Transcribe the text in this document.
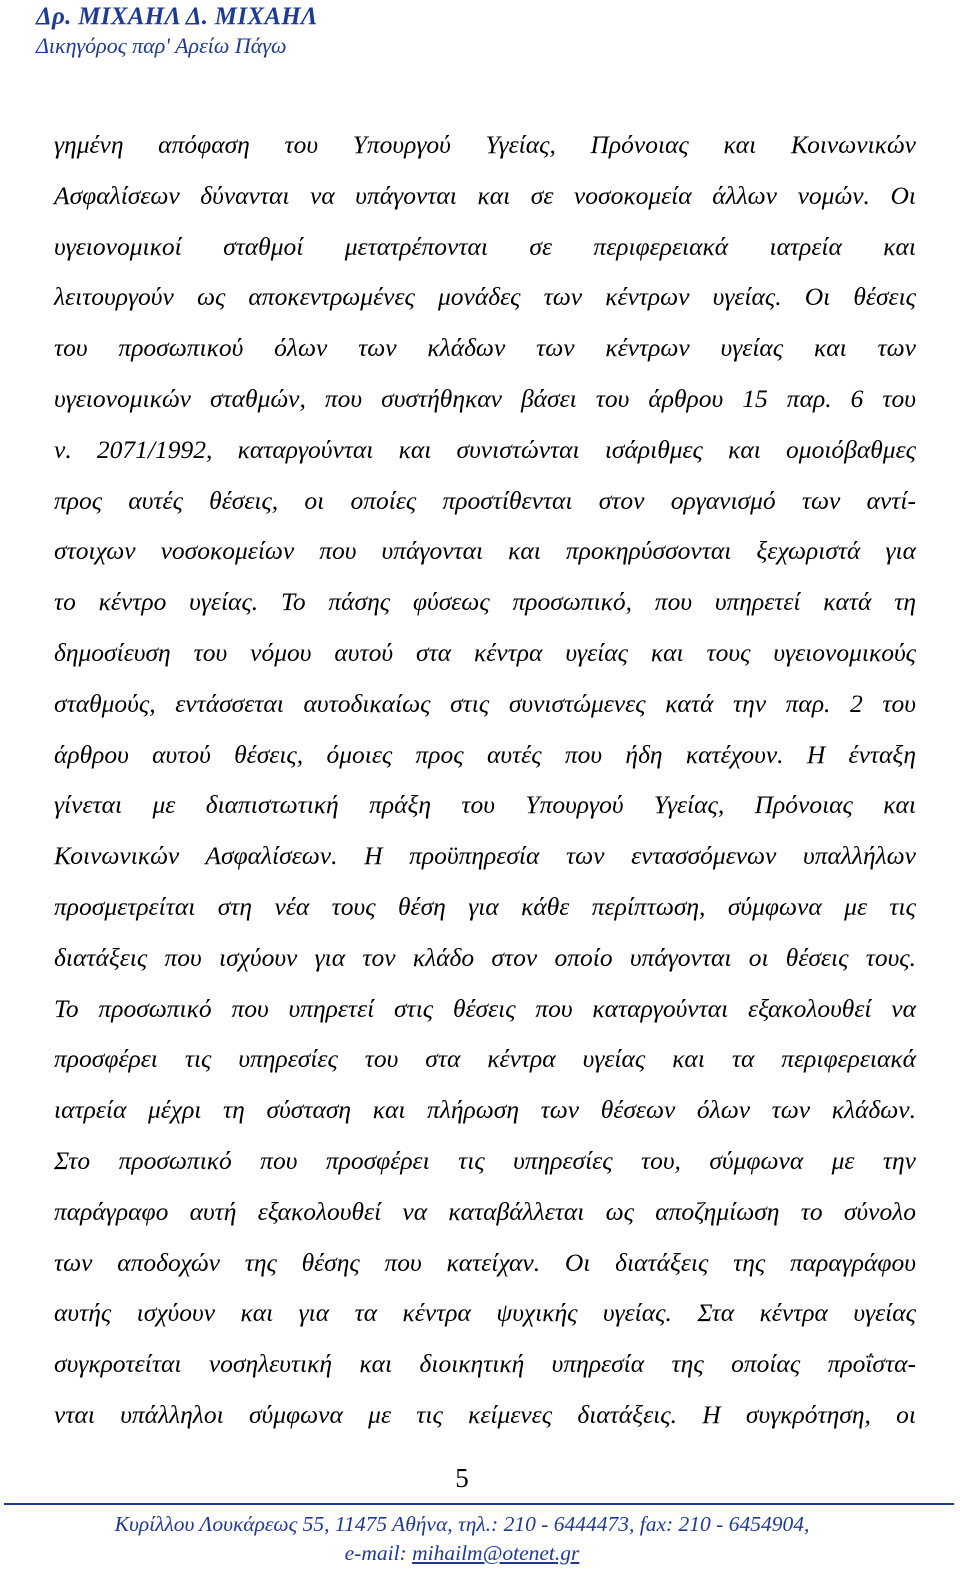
Δρ. ΜΙΧΑΗΛ Δ. ΜΙΧΑΗΛ
Δικηγόρος παρ' Αρείω Πάγω
γημένη απόφαση του Υπουργού Υγείας, Πρόνοιας και Κοινωνικών
Ασφαλίσεων δύνανται να υπάγονται και σε νοσοκομεία άλλων νομών. Οι
υγειονομικοί σταθμοί μετατρέπονται σε περιφερειακά ιατρεία και
λειτουργούν ως αποκεντρωμένες μονάδες των κέντρων υγείας. Οι θέσεις
του προσωπικού όλων των κλάδων των κέντρων υγείας και των
υγειονομικών σταθμών, που συστήθηκαν βάσει του άρθρου 15 παρ. 6 του
ν. 2071/1992, καταργούνται και συνιστώνται ισάριθμες και ομοιόβαθμες
προς αυτές θέσεις, οι οποίες προστίθενται στον οργανισμό των αντί-
στοιχων νοσοκομείων που υπάγονται και προκηρύσσονται ξεχωριστά για
το κέντρο υγείας. Το πάσης φύσεως προσωπικό, που υπηρετεί κατά τη
δημοσίευση του νόμου αυτού στα κέντρα υγείας και τους υγειονομικούς
σταθμούς, εντάσσεται αυτοδικαίως στις συνιστώμενες κατά την παρ. 2 του
άρθρου αυτού θέσεις, όμοιες προς αυτές που ήδη κατέχουν. Η ένταξη
γίνεται με διαπιστωτική πράξη του Υπουργού Υγείας, Πρόνοιας και
Κοινωνικών Ασφαλίσεων. Η προϋπηρεσία των εντασσόμενων υπαλλήλων
προσμετρείται στη νέα τους θέση για κάθε περίπτωση, σύμφωνα με τις
διατάξεις που ισχύουν για τον κλάδο στον οποίο υπάγονται οι θέσεις τους.
Το προσωπικό που υπηρετεί στις θέσεις που καταργούνται εξακολουθεί να
προσφέρει τις υπηρεσίες του στα κέντρα υγείας και τα περιφερειακά
ιατρεία μέχρι τη σύσταση και πλήρωση των θέσεων όλων των κλάδων.
Στο προσωπικό που προσφέρει τις υπηρεσίες του, σύμφωνα με την
παράγραφο αυτή εξακολουθεί να καταβάλλεται ως αποζημίωση το σύνολο
των αποδοχών της θέσης που κατείχαν. Οι διατάξεις της παραγράφου
αυτής ισχύουν και για τα κέντρα ψυχικής υγείας. Στα κέντρα υγείας
συγκροτείται νοσηλευτική και διοικητική υπηρεσία της οποίας προΐστα-
νται υπάλληλοι σύμφωνα με τις κείμενες διατάξεις. Η συγκρότηση, οι
5
Κυρίλλου Λουκάρεως 55, 11475 Αθήνα, τηλ.: 210 - 6444473, fax: 210 - 6454904,
e-mail: mihailm@otenet.gr
